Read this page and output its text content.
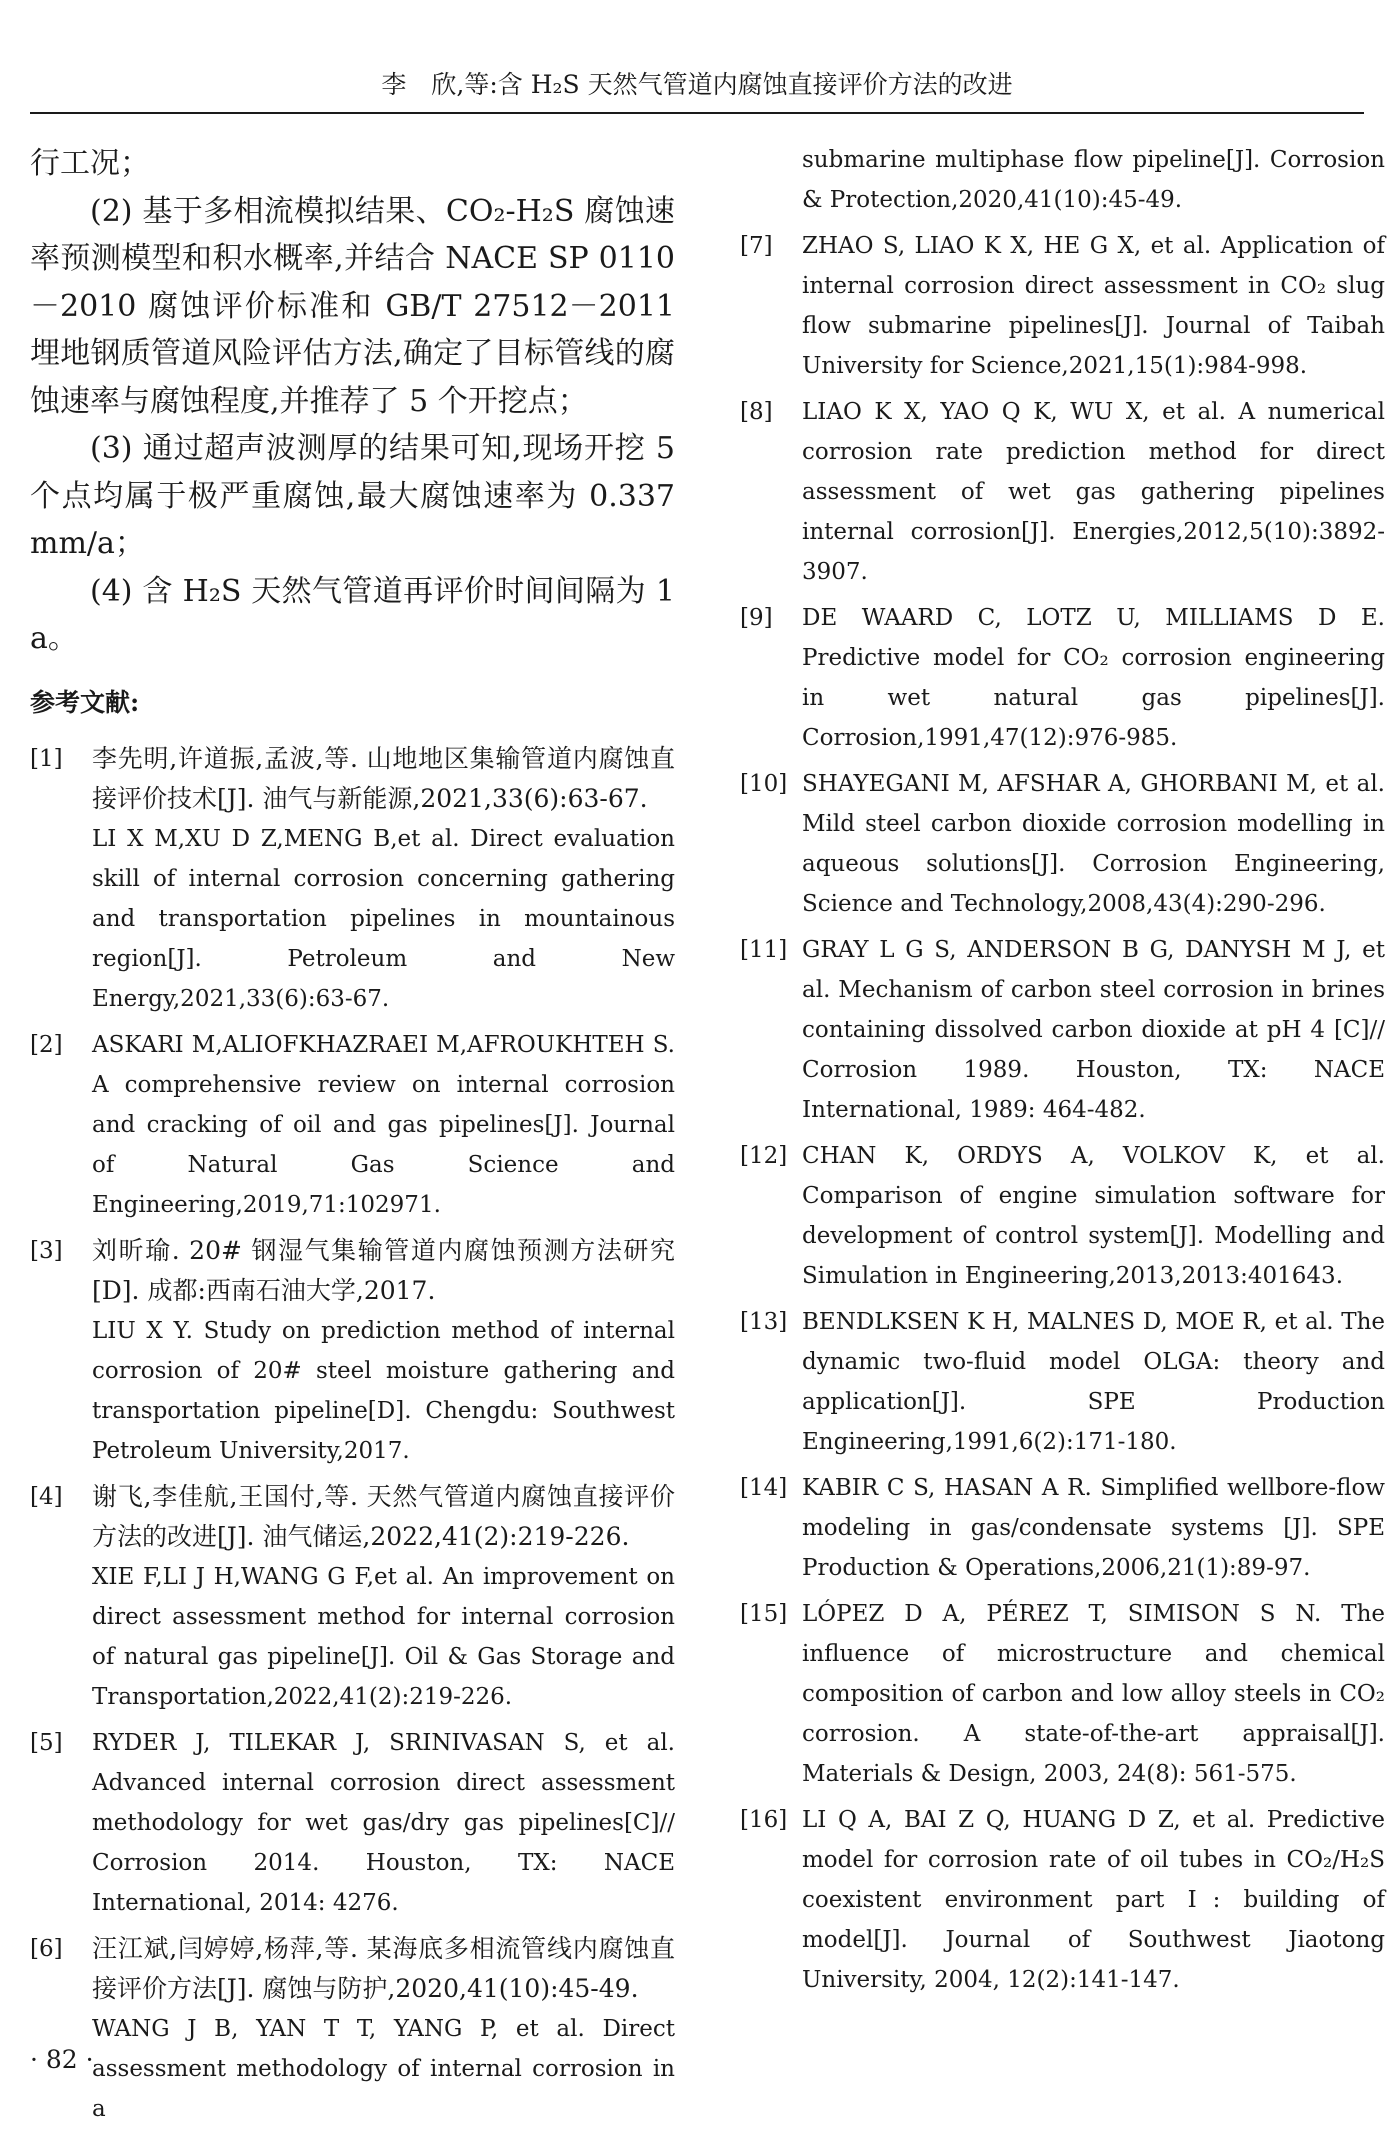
李　欣,等:含 H₂S 天然气管道内腐蚀直接评价方法的改进

行工况；

(2) 基于多相流模拟结果、CO₂-H₂S 腐蚀速率预测模型和积水概率,并结合 NACE SP 0110－2010 腐蚀评价标准和 GB/T 27512－2011 埋地钢质管道风险评估方法,确定了目标管线的腐蚀速率与腐蚀程度,并推荐了 5 个开挖点；

(3) 通过超声波测厚的结果可知,现场开挖 5 个点均属于极严重腐蚀,最大腐蚀速率为 0.337 mm/a；

(4) 含 H₂S 天然气管道再评价时间间隔为 1 a。

参考文献:
[1] 李先明,许道振,孟波,等. 山地地区集输管道内腐蚀直接评价技术[J]. 油气与新能源,2021,33(6):63-67.
LI X M,XU D Z,MENG B,et al. Direct evaluation skill of internal corrosion concerning gathering and transportation pipelines in mountainous region[J]. Petroleum and New Energy,2021,33(6):63-67.
[2] ASKARI M,ALIOFKHAZRAEI M,AFROUKHTEH S. A comprehensive review on internal corrosion and cracking of oil and gas pipelines[J]. Journal of Natural Gas Science and Engineering,2019,71:102971.
[3] 刘昕瑜. 20# 钢湿气集输管道内腐蚀预测方法研究[D]. 成都:西南石油大学,2017.
LIU X Y. Study on prediction method of internal corrosion of 20# steel moisture gathering and transportation pipeline[D]. Chengdu: Southwest Petroleum University,2017.
[4] 谢飞,李佳航,王国付,等. 天然气管道内腐蚀直接评价方法的改进[J]. 油气储运,2022,41(2):219-226.
XIE F,LI J H,WANG G F,et al. An improvement on direct assessment method for internal corrosion of natural gas pipeline[J]. Oil & Gas Storage and Transportation,2022,41(2):219-226.
[5] RYDER J, TILEKAR J, SRINIVASAN S, et al. Advanced internal corrosion direct assessment methodology for wet gas/dry gas pipelines[C]// Corrosion 2014. Houston, TX: NACE International, 2014: 4276.
[6] 汪江斌,闫婷婷,杨萍,等. 某海底多相流管线内腐蚀直接评价方法[J]. 腐蚀与防护,2020,41(10):45-49.
WANG J B, YAN T T, YANG P, et al. Direct assessment methodology of internal corrosion in a
submarine multiphase flow pipeline[J]. Corrosion & Protection,2020,41(10):45-49.
[7] ZHAO S, LIAO K X, HE G X, et al. Application of internal corrosion direct assessment in CO₂ slug flow submarine pipelines[J]. Journal of Taibah University for Science,2021,15(1):984-998.
[8] LIAO K X, YAO Q K, WU X, et al. A numerical corrosion rate prediction method for direct assessment of wet gas gathering pipelines internal corrosion[J]. Energies,2012,5(10):3892-3907.
[9] DE WAARD C, LOTZ U, MILLIAMS D E. Predictive model for CO₂ corrosion engineering in wet natural gas pipelines[J]. Corrosion,1991,47(12):976-985.
[10] SHAYEGANI M, AFSHAR A, GHORBANI M, et al. Mild steel carbon dioxide corrosion modelling in aqueous solutions[J]. Corrosion Engineering, Science and Technology,2008,43(4):290-296.
[11] GRAY L G S, ANDERSON B G, DANYSH M J, et al. Mechanism of carbon steel corrosion in brines containing dissolved carbon dioxide at pH 4 [C]// Corrosion 1989. Houston, TX: NACE International, 1989: 464-482.
[12] CHAN K, ORDYS A, VOLKOV K, et al. Comparison of engine simulation software for development of control system[J]. Modelling and Simulation in Engineering,2013,2013:401643.
[13] BENDLKSEN K H, MALNES D, MOE R, et al. The dynamic two-fluid model OLGA: theory and application[J]. SPE Production Engineering,1991,6(2):171-180.
[14] KABIR C S, HASAN A R. Simplified wellbore-flow modeling in gas/condensate systems [J]. SPE Production & Operations,2006,21(1):89-97.
[15] LÓPEZ D A, PÉREZ T, SIMISON S N. The influence of microstructure and chemical composition of carbon and low alloy steels in CO₂ corrosion. A state-of-the-art appraisal[J]. Materials & Design, 2003, 24(8): 561-575.
[16] LI Q A, BAI Z Q, HUANG D Z, et al. Predictive model for corrosion rate of oil tubes in CO₂/H₂S coexistent environment part Ⅰ: building of model[J]. Journal of Southwest Jiaotong University, 2004, 12(2):141-147.
· 82 ·
